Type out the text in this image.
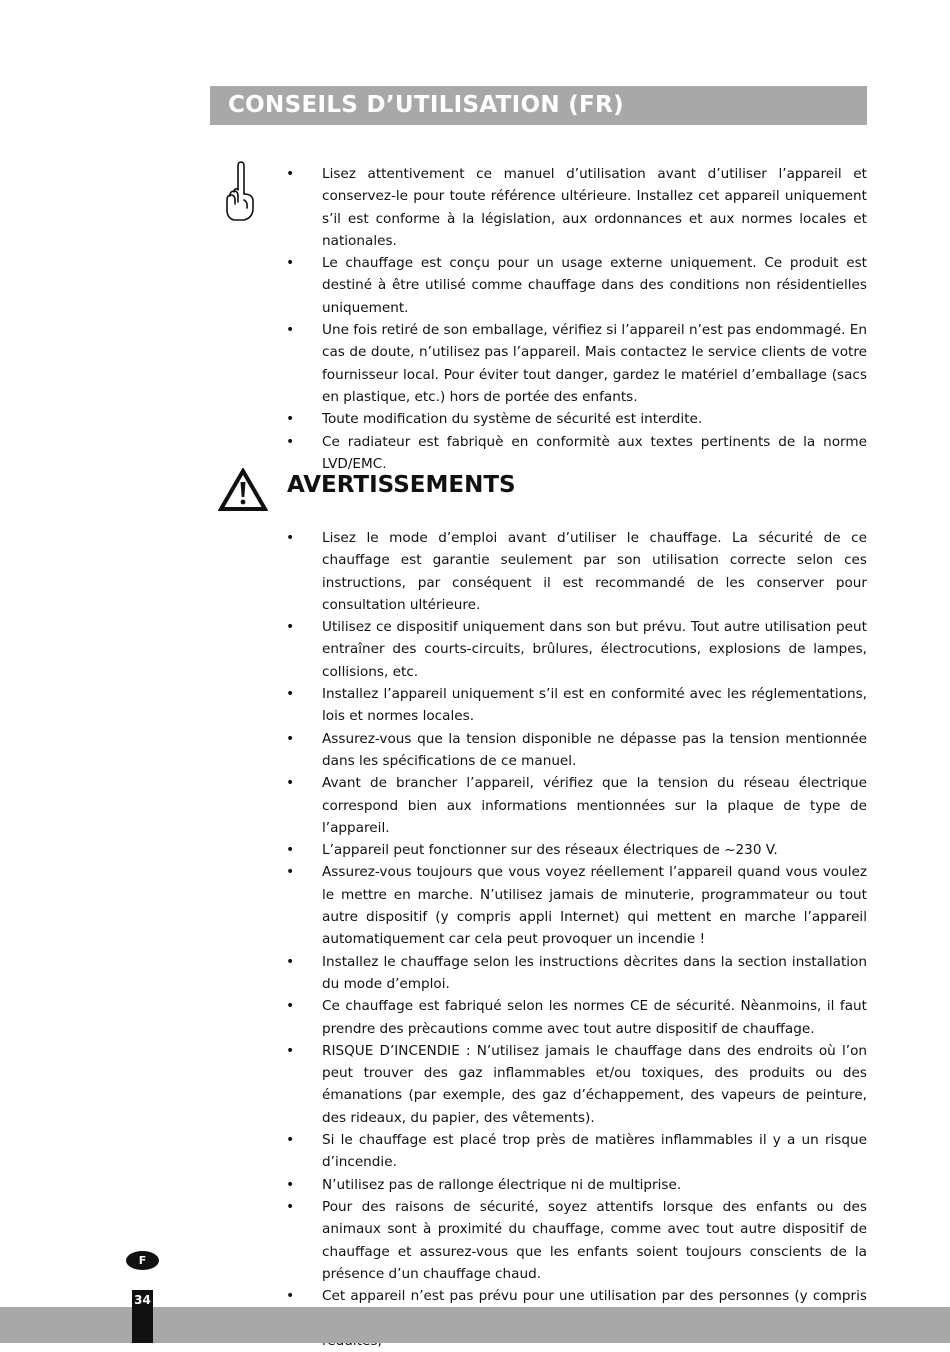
CONSEILS D’UTILISATION (FR)
• Lisez attentivement ce manuel d’utilisation avant d’utiliser l’appareil et conservez-le pour toute référence ultérieure. Installez cet appareil uniquement s’il est conforme à la législation, aux ordonnances et aux normes locales et nationales.
• Le chauffage est conçu pour un usage externe uniquement. Ce produit est destiné à être utilisé comme chauffage dans des conditions non résidentielles uniquement.
• Une fois retiré de son emballage, vérifiez si l’appareil n’est pas endommagé. En cas de doute, n’utilisez pas l’appareil. Mais contactez le service clients de votre fournisseur local. Pour éviter tout danger, gardez le matériel d’emballage (sacs en plastique, etc.) hors de portée des enfants.
• Toute modification du système de sécurité est interdite.
• Ce radiateur est fabriquè en conformitè aux textes pertinents de la norme LVD/EMC.
AVERTISSEMENTS
• Lisez le mode d’emploi avant d’utiliser le chauffage. La sécurité de ce chauffage est garantie seulement par son utilisation correcte selon ces instructions, par conséquent il est recommandé de les conserver pour consultation ultérieure.
• Utilisez ce dispositif uniquement dans son but prévu. Tout autre utilisation peut entraîner des courts-circuits, brûlures, électrocutions, explosions de lampes, collisions, etc.
• Installez l’appareil uniquement s’il est en conformité avec les réglementations, lois et normes locales.
• Assurez-vous que la tension disponible ne dépasse pas la tension mentionnée dans les spécifications de ce manuel.
• Avant de brancher l’appareil, vérifiez que la tension du réseau électrique correspond bien aux informations mentionnées sur la plaque de type de l’appareil.
• L’appareil peut fonctionner sur des réseaux électriques de ~230 V.
• Assurez-vous toujours que vous voyez réellement l’appareil quand vous voulez le mettre en marche. N’utilisez jamais de minuterie, programmateur ou tout autre dispositif (y compris appli Internet) qui mettent en marche l’appareil automatiquement car cela peut provoquer un incendie !
• Installez le chauffage selon les instructions dècrites dans la section installation du mode d’emploi.
• Ce chauffage est fabriqué selon les normes CE de sécurité. Nèanmoins, il faut prendre des prècautions comme avec tout autre dispositif de chauffage.
• RISQUE D’INCENDIE : N’utilisez jamais le chauffage dans des endroits où l’on peut trouver des gaz inflammables et/ou toxiques, des produits ou des émanations (par exemple, des gaz d’échappement, des vapeurs de peinture, des rideaux, du papier, des vêtements).
• Si le chauffage est placé trop près de matières inflammables il y a un risque d’incendie.
• N’utilisez pas de rallonge électrique ni de multiprise.
• Pour des raisons de sécurité, soyez attentifs lorsque des enfants ou des animaux sont à proximité du chauffage, comme avec tout autre dispositif de chauffage et assurez-vous que les enfants soient toujours conscients de la présence d’un chauffage chaud.
• Cet appareil n’est pas prévu pour une utilisation par des personnes (y compris
F
34
